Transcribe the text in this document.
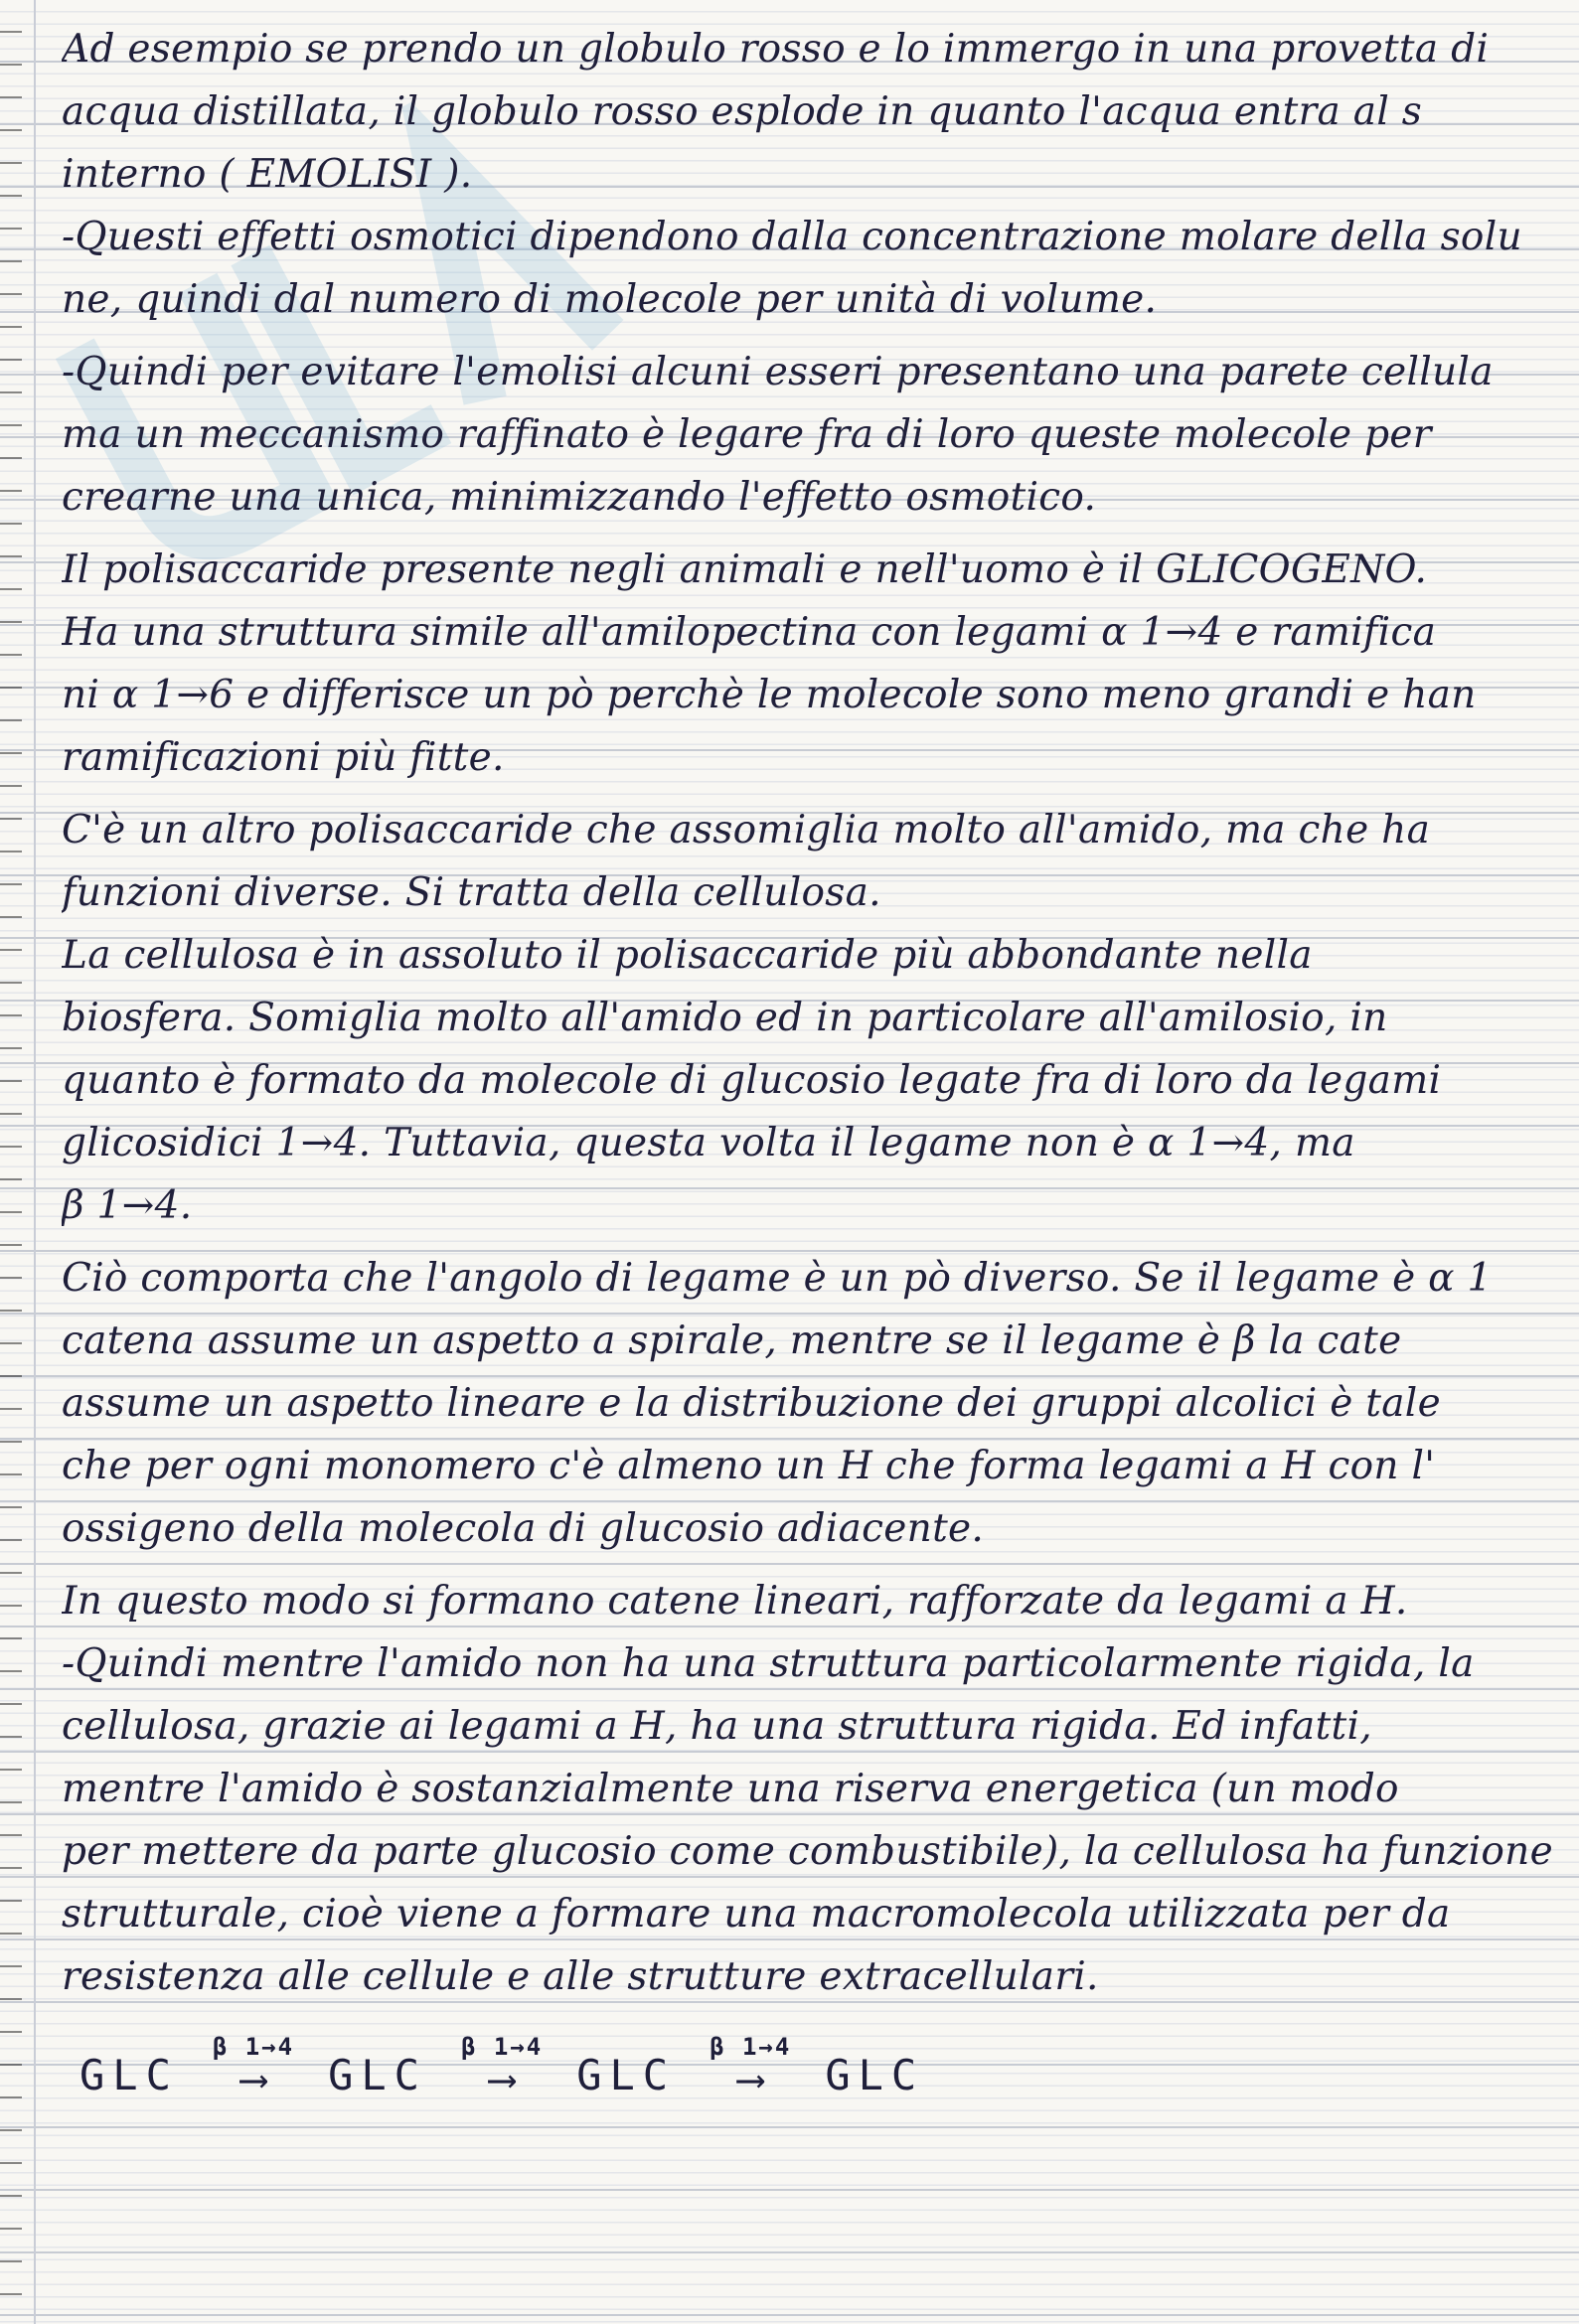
Ad esempio se prendo un globulo rosso e lo immergo in una provetta di
acqua distillata, il globulo rosso esplode in quanto l'acqua entra al s
interno ( EMOLISI ).
-Questi effetti osmotici dipendono dalla concentrazione molare della solu
ne, quindi dal numero di molecole per unità di volume.
-Quindi per evitare l'emolisi alcuni esseri presentano una parete cellula
ma un meccanismo raffinato è legare fra di loro queste molecole per
crearne una unica, minimizzando l'effetto osmotico.
Il polisaccaride presente negli animali e nell'uomo è il GLICOGENO.
Ha una struttura simile all'amilopectina con legami α 1→4 e ramifica
ni α 1→6 e differisce un pò perchè le molecole sono meno grandi e han
ramificazioni più fitte.
C'è un altro polisaccaride che assomiglia molto all'amido, ma che ha
funzioni diverse. Si tratta della cellulosa.
La cellulosa è in assoluto il polisaccaride più abbondante nella
biosfera. Somiglia molto all'amido ed in particolare all'amilosio, in
quanto è formato da molecole di glucosio legate fra di loro da legami
glicosidici 1→4. Tuttavia, questa volta il legame non è α 1→4, ma
β 1→4.
Ciò comporta che l'angolo di legame è un pò diverso. Se il legame è α 1
catena assume un aspetto a spirale, mentre se il legame è β la cate
assume un aspetto lineare e la distribuzione dei gruppi alcolici è tale
che per ogni monomero c'è almeno un H che forma legami a H con l'
ossigeno della molecola di glucosio adiacente.
In questo modo si formano catene lineari, rafforzate da legami a H.
-Quindi mentre l'amido non ha una struttura particolarmente rigida, la
cellulosa, grazie ai legami a H, ha una struttura rigida. Ed infatti,
mentre l'amido è sostanzialmente una riserva energetica (un modo
per mettere da parte glucosio come combustibile), la cellulosa ha funzione
strutturale, cioè viene a formare una macromolecola utilizzata per da
resistenza alle cellule e alle strutture extracellulari.
GLC
β 1→4
⟶ GLC
β 1→4
⟶ GLC
β 1→4
⟶ GLC
